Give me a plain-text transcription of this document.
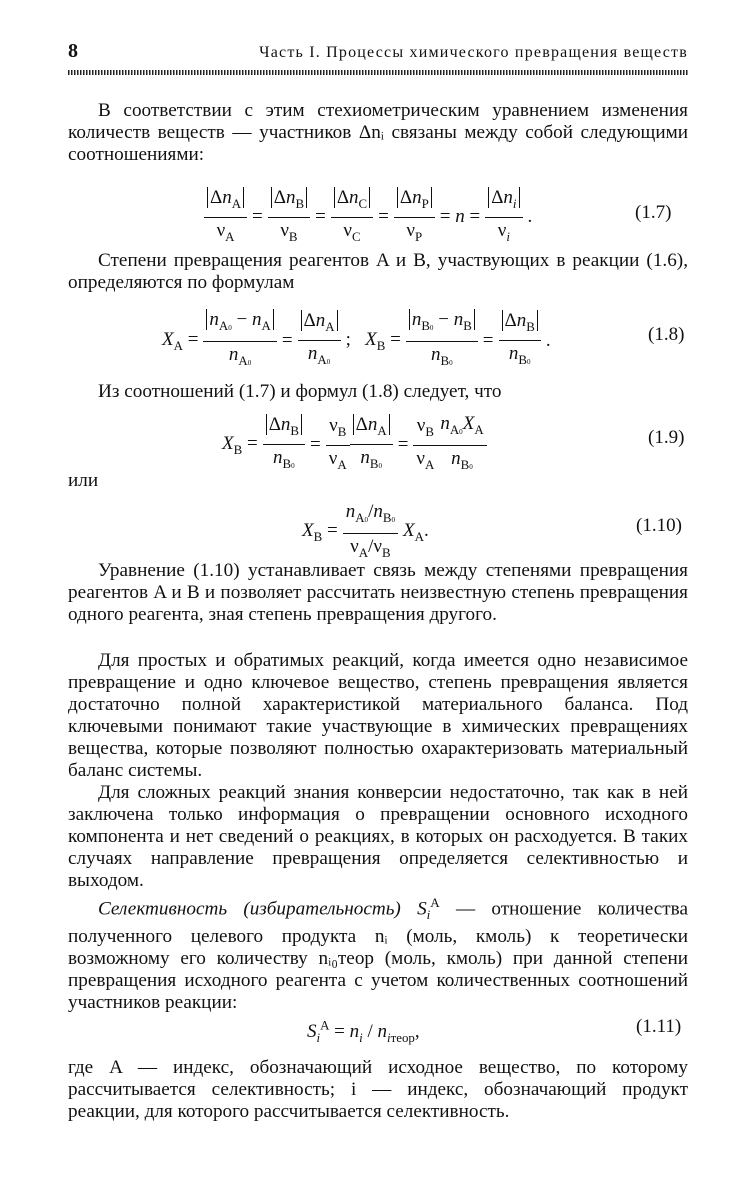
8	Часть I. Процессы химического превращения веществ

В соответствии с этим стехиометрическим уравнением изменения количеств веществ — участников Δnᵢ связаны между собой следующими соотношениями:

$\frac{\Delta n_A}{\nu_A} = \frac{\Delta n_B}{\nu_B} = \frac{\Delta n_C}{\nu_C} = \frac{\Delta n_P}{\nu_P} = n = \frac{\Delta n_i}{\nu_i}$ .	(1.7)

Степени превращения реагентов A и B, участвующих в реакции (1.6), определяются по формулам

$X_A = \frac{n_{A0} - n_A}{n_{A0}} = \frac{\Delta n_A}{n_{A0}}$ ;   $X_B = \frac{n_{B0} - n_B}{n_{B0}} = \frac{\Delta n_B}{n_{B0}}$ .	(1.8)

Из соотношений (1.7) и формул (1.8) следует, что

$X_B = \frac{\Delta n_B}{n_{B0}} = \frac{\nu_B}{\nu_A} \frac{\Delta n_A}{n_{B0}} = \frac{\nu_B}{\nu_A} \frac{n_{A0}X_A}{n_{B0}}$	(1.9)

или

$X_B = \frac{n_{A0}/n_{B0}}{\nu_A/\nu_B} X_A$.	(1.10)

Уравнение (1.10) устанавливает связь между степенями превращения реагентов A и B и позволяет рассчитать неизвестную степень превращения одного реагента, зная степень превращения другого.

Для простых и обратимых реакций, когда имеется одно независимое превращение и одно ключевое вещество, степень превращения является достаточно полной характеристикой материального баланса. Под ключевыми понимают такие участвующие в химических превращениях вещества, которые позволяют полностью охарактеризовать материальный баланс системы.

Для сложных реакций знания конверсии недостаточно, так как в ней заключена только информация о превращении основного исходного компонента и нет сведений о реакциях, в которых он расходуется. В таких случаях направление превращения определяется селективностью и выходом.

Селективность (избирательность) $S_i^A$ — отношение количества полученного целевого продукта nᵢ (моль, кмоль) к теоретически возможному его количеству nᵢ₀теор (моль, кмоль) при данной степени превращения исходного реагента с учетом количественных соотношений участников реакции:

$S_i^A = n_i / n_{iтеор}$,	(1.11)

где A — индекс, обозначающий исходное вещество, по которому рассчитывается селективность; i — индекс, обозначающий продукт реакции, для которого рассчитывается селективность.
